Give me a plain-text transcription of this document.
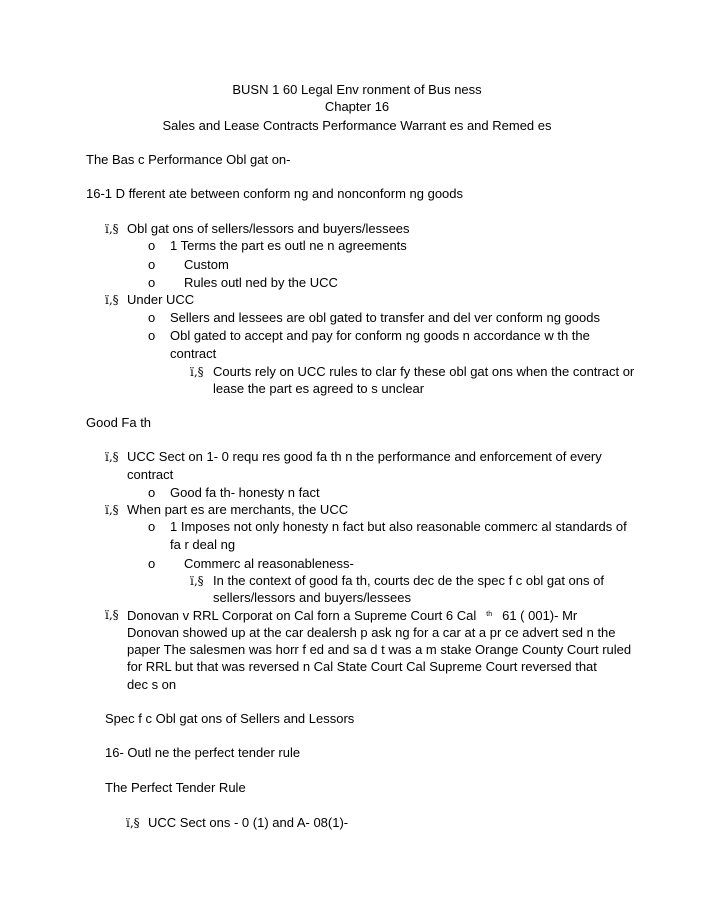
BUSN 1 60 Legal Env ronment of Bus ness
Chapter 16
Sales and Lease Contracts Performance Warrant es and Remed es
The Bas c Performance Obl gat on-
16-1 D fferent ate between conform ng and nonconform ng goods
ï‚§ Obl gat ons of sellers/lessors and buyers/lessees
o 1 Terms the part es outl ne n agreements
o Custom
o Rules outl ned by the UCC
ï‚§ Under UCC
o Sellers and lessees are obl gated to transfer and del ver conform ng goods
o Obl gated to accept and pay for conform ng goods n accordance w th the
contract
ï‚§ Courts rely on UCC rules to clar fy these obl gat ons when the contract or
lease the part es agreed to s unclear
Good Fa th
ï‚§ UCC Sect on 1- 0 requ res good fa th n the performance and enforcement of every
contract
o Good fa th- honesty n fact
ï‚§ When part es are merchants, the UCC
o 1 Imposes not only honesty n fact but also reasonable commerc al standards of
fa r deal ng
o Commerc al reasonableness-
ï‚§ In the context of good fa th, courts dec de the spec f c obl gat ons of
sellers/lessors and buyers/lessees
ï‚§ Donovan v RRL Corporat on Cal forn a Supreme Court 6 Cal $^{th}$ 61 ( 001)- Mr
Donovan showed up at the car dealersh p ask ng for a car at a pr ce advert sed n the
paper The salesmen was horr f ed and sa d t was a m stake Orange County Court ruled
for RRL but that was reversed n Cal State Court Cal Supreme Court reversed that
dec s on
Spec f c Obl gat ons of Sellers and Lessors
16- Outl ne the perfect tender rule
The Perfect Tender Rule
ï‚§ UCC Sect ons - 0 (1) and A- 08(1)-
